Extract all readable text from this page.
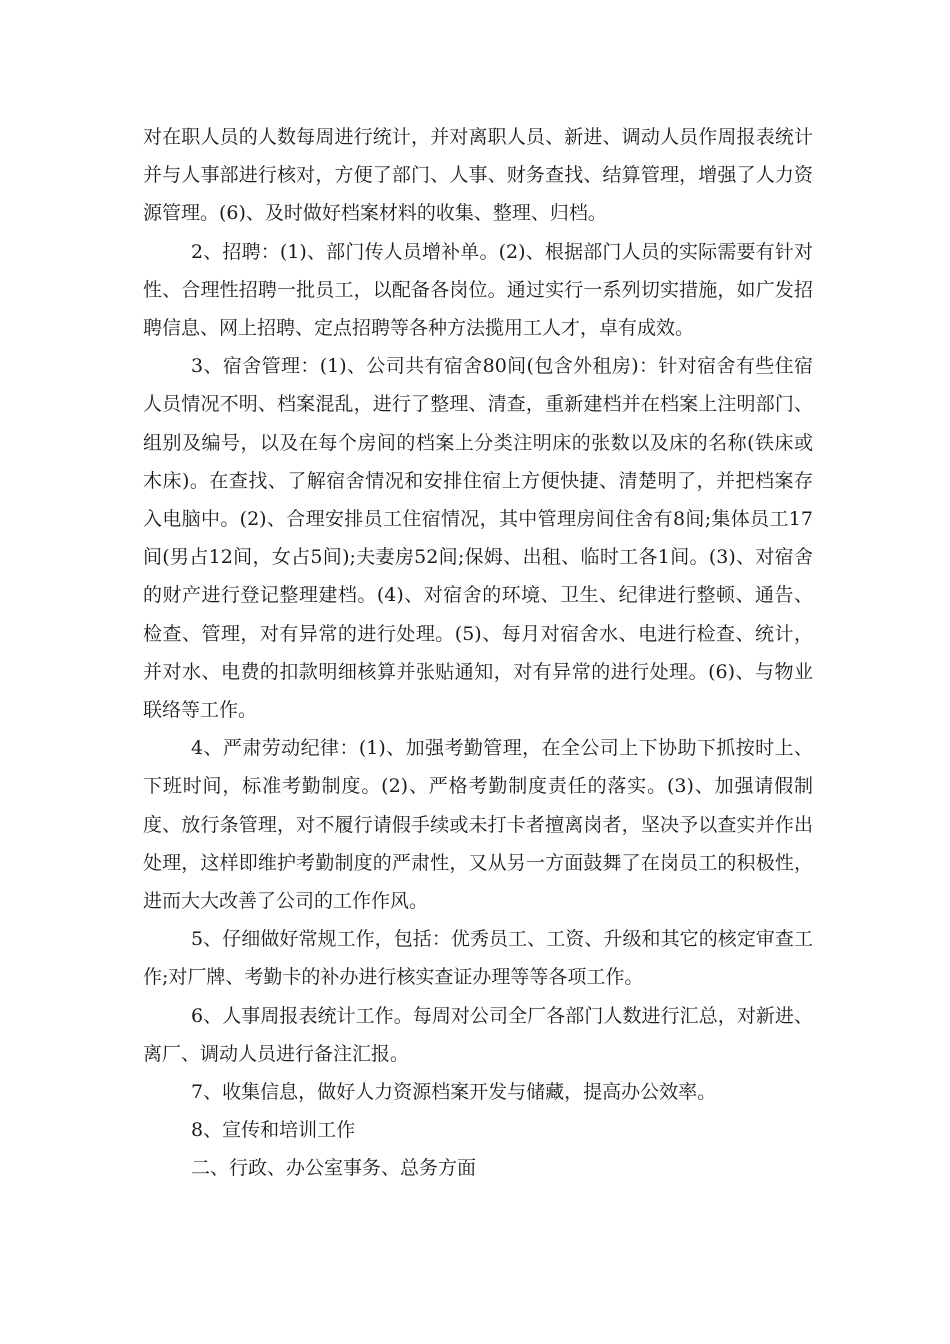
对在职人员的人数每周进行统计，并对离职人员、新进、调动人员作周报表统计并与人事部进行核对，方便了部门、人事、财务查找、结算管理，增强了人力资源管理。(6)、及时做好档案材料的收集、整理、归档。

2、招聘：(1)、部门传人员增补单。(2)、根据部门人员的实际需要有针对性、合理性招聘一批员工，以配备各岗位。通过实行一系列切实措施，如广发招聘信息、网上招聘、定点招聘等各种方法揽用工人才，卓有成效。

3、宿舍管理：(1)、公司共有宿舍80间(包含外租房)：针对宿舍有些住宿人员情况不明、档案混乱，进行了整理、清查，重新建档并在档案上注明部门、组别及编号，以及在每个房间的档案上分类注明床的张数以及床的名称(铁床或木床)。在查找、了解宿舍情况和安排住宿上方便快捷、清楚明了，并把档案存入电脑中。(2)、合理安排员工住宿情况，其中管理房间住舍有8间;集体员工17间(男占12间，女占5间);夫妻房52间;保姆、出租、临时工各1间。(3)、对宿舍的财产进行登记整理建档。(4)、对宿舍的环境、卫生、纪律进行整顿、通告、检查、管理，对有异常的进行处理。(5)、每月对宿舍水、电进行检查、统计，并对水、电费的扣款明细核算并张贴通知，对有异常的进行处理。(6)、与物业联络等工作。

4、严肃劳动纪律：(1)、加强考勤管理，在全公司上下协助下抓按时上、下班时间，标准考勤制度。(2)、严格考勤制度责任的落实。(3)、加强请假制度、放行条管理，对不履行请假手续或未打卡者擅离岗者，坚决予以查实并作出处理，这样即维护考勤制度的严肃性，又从另一方面鼓舞了在岗员工的积极性，进而大大改善了公司的工作作风。

5、仔细做好常规工作，包括：优秀员工、工资、升级和其它的核定审查工作;对厂牌、考勤卡的补办进行核实查证办理等等各项工作。

6、人事周报表统计工作。每周对公司全厂各部门人数进行汇总，对新进、离厂、调动人员进行备注汇报。

7、收集信息，做好人力资源档案开发与储藏，提高办公效率。

8、宣传和培训工作

二、行政、办公室事务、总务方面
